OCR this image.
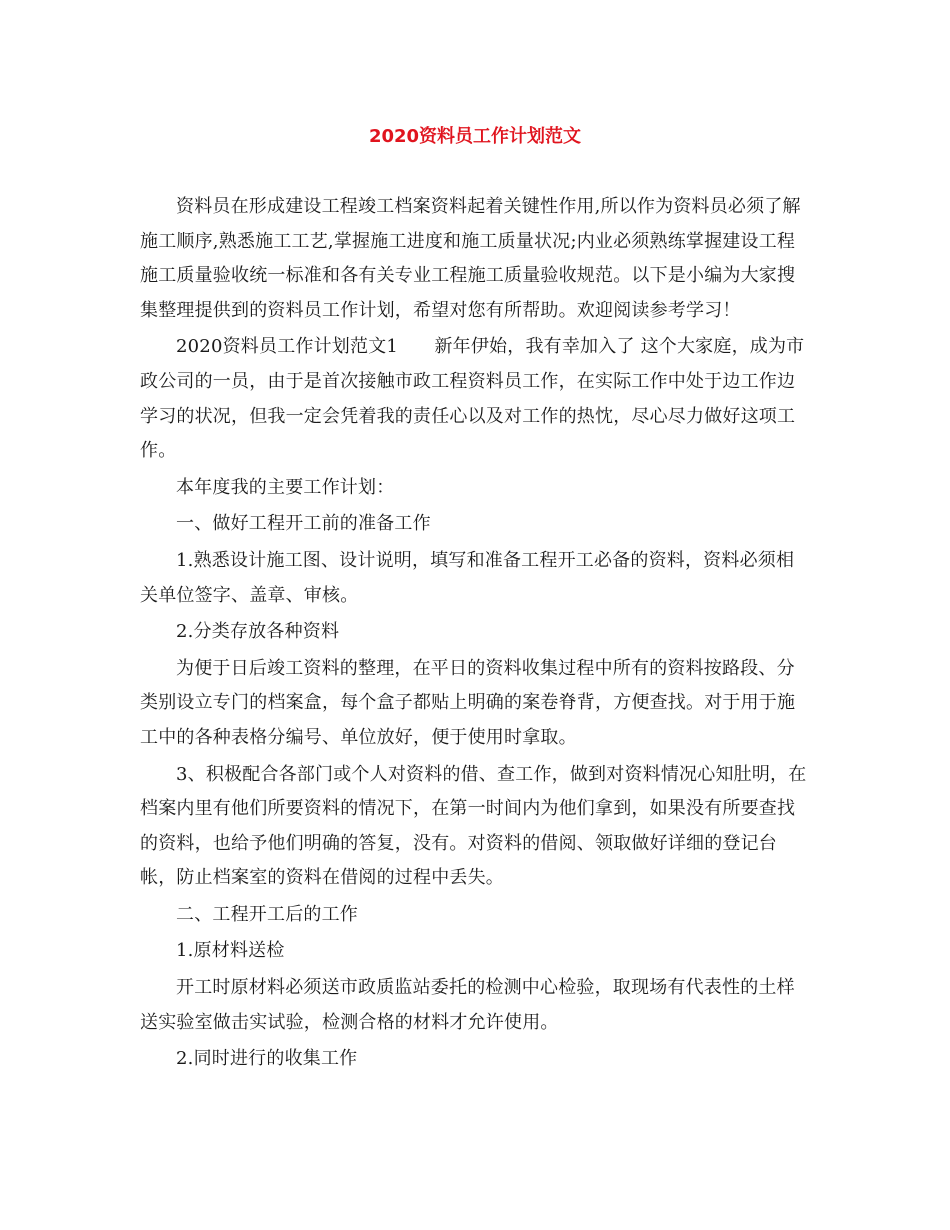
2020资料员工作计划范文

资料员在形成建设工程竣工档案资料起着关键性作用,所以作为资料员必须了解施工顺序,熟悉施工工艺,掌握施工进度和施工质量状况;内业必须熟练掌握建设工程施工质量验收统一标准和各有关专业工程施工质量验收规范。以下是小编为大家搜集整理提供到的资料员工作计划，希望对您有所帮助。欢迎阅读参考学习！

2020资料员工作计划范文1　　新年伊始，我有幸加入了 这个大家庭，成为市政公司的一员，由于是首次接触市政工程资料员工作，在实际工作中处于边工作边学习的状况，但我一定会凭着我的责任心以及对工作的热忱，尽心尽力做好这项工作。

本年度我的主要工作计划：

一、做好工程开工前的准备工作

1.熟悉设计施工图、设计说明，填写和准备工程开工必备的资料，资料必须相关单位签字、盖章、审核。

2.分类存放各种资料

为便于日后竣工资料的整理，在平日的资料收集过程中所有的资料按路段、分类别设立专门的档案盒，每个盒子都贴上明确的案卷脊背，方便查找。对于用于施工中的各种表格分编号、单位放好，便于使用时拿取。

3、积极配合各部门或个人对资料的借、查工作，做到对资料情况心知肚明，在档案内里有他们所要资料的情况下，在第一时间内为他们拿到，如果没有所要查找的资料，也给予他们明确的答复，没有。对资料的借阅、领取做好详细的登记台帐，防止档案室的资料在借阅的过程中丢失。

二、工程开工后的工作

1.原材料送检

开工时原材料必须送市政质监站委托的检测中心检验，取现场有代表性的土样送实验室做击实试验，检测合格的材料才允许使用。

2.同时进行的收集工作
